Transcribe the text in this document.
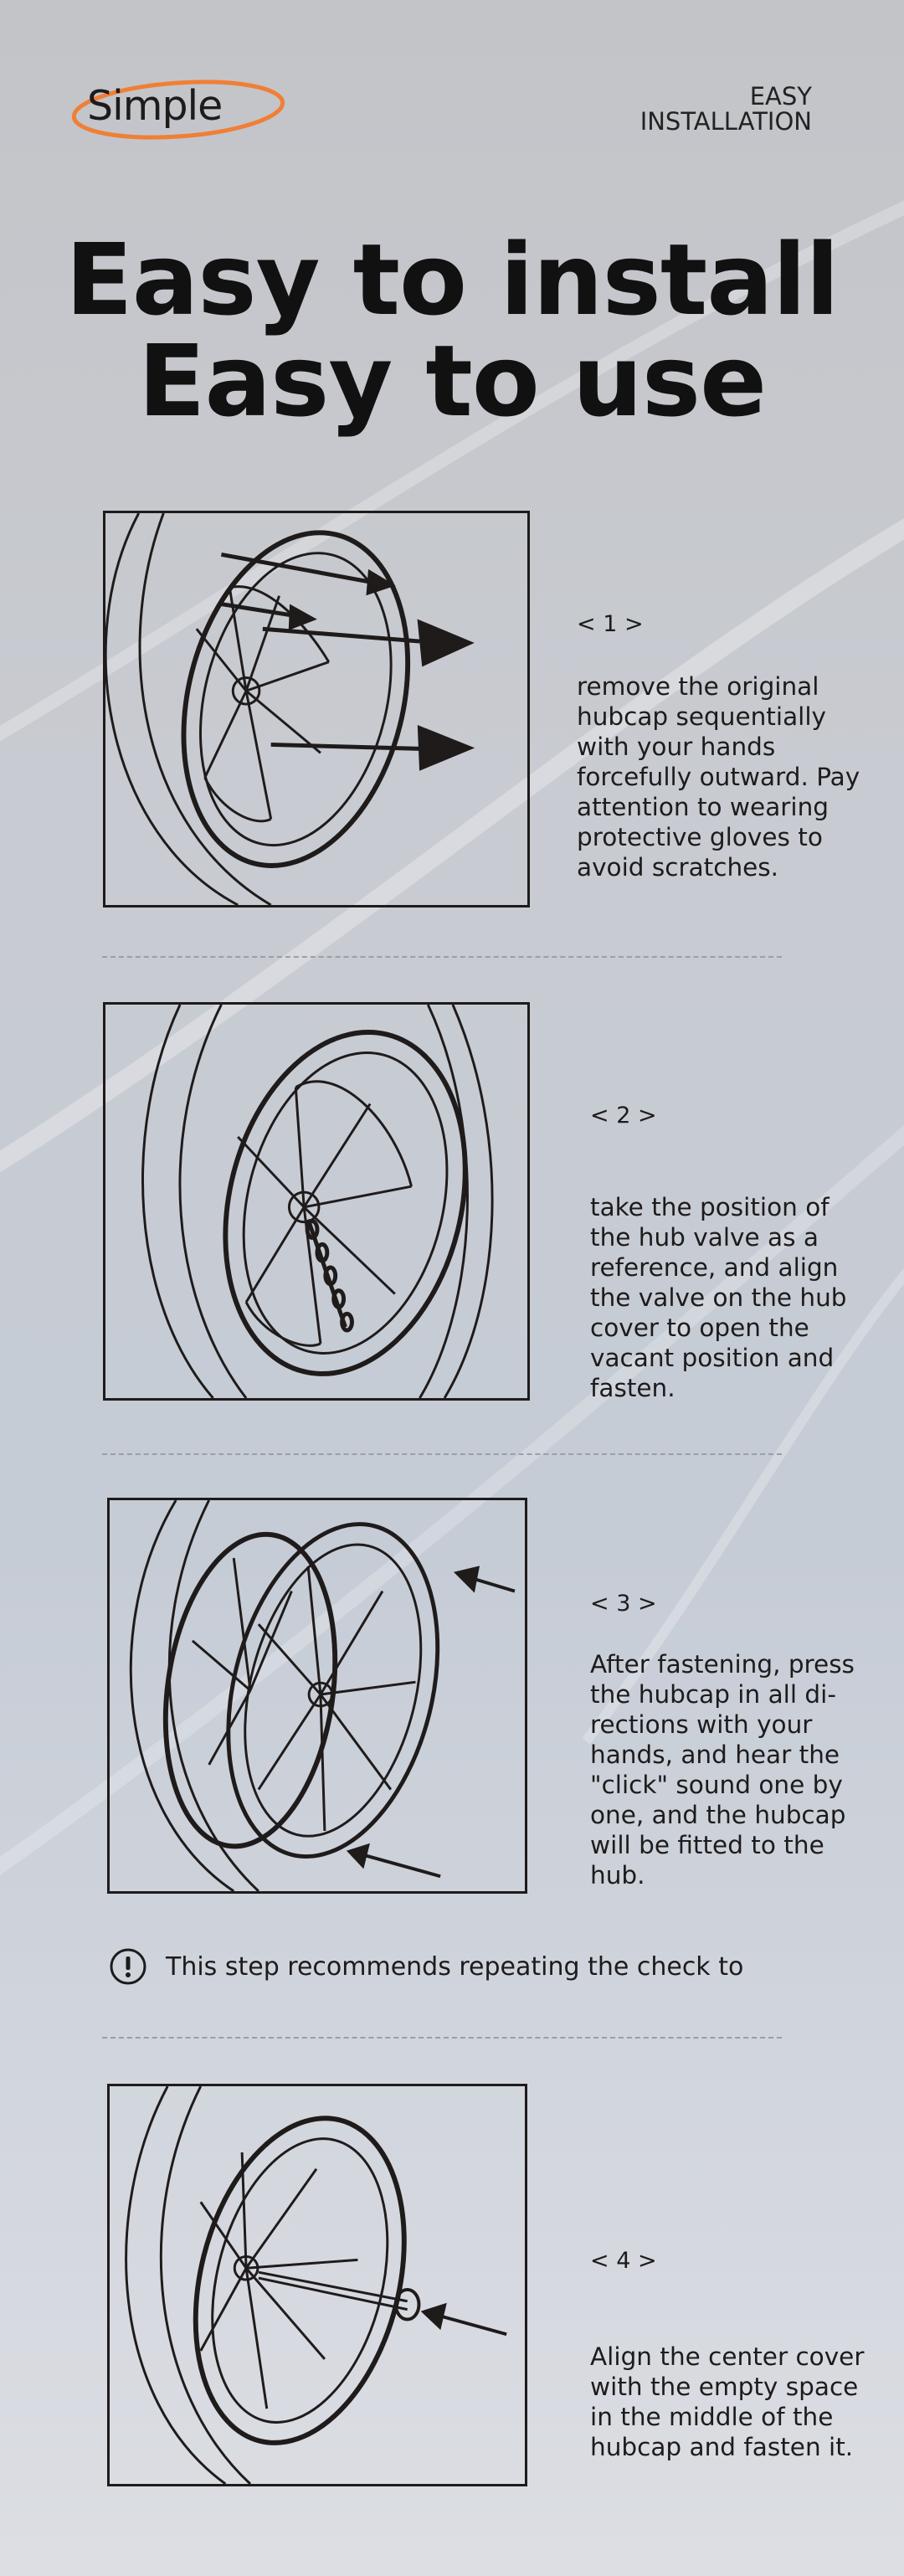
Simple	EASY
INSTALLATION
Easy to install
Easy to use
< 1 >
remove the original hubcap sequentially with your hands forcefully outward. Pay attention to wearing protective gloves to avoid scratches.
< 2 >
take the position of the hub valve as a reference, and align the valve on the hub cover to open the vacant position and fasten.
< 3 >
After fastening, press the hubcap in all di-rections with your hands, and hear the "click" sound one by one, and the hubcap will be fitted to the hub.
This step recommends repeating the check to
< 4 >
Align the center cover with the empty space in the middle of the hubcap and fasten it.
